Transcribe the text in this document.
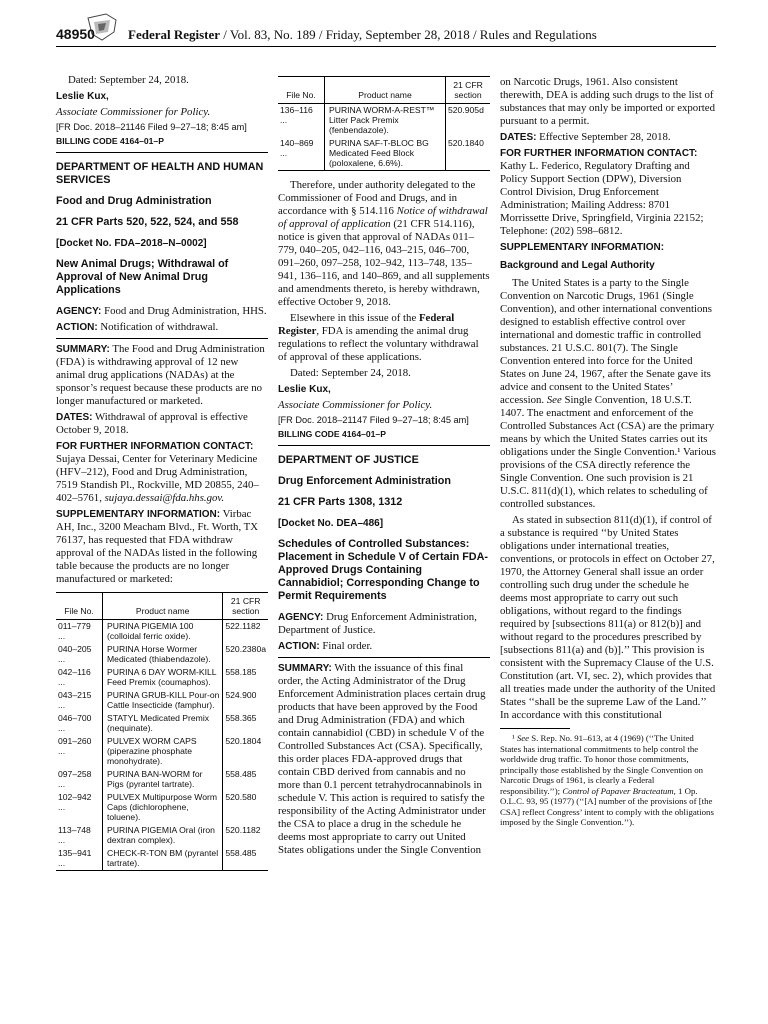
48950	Federal Register / Vol. 83, No. 189 / Friday, September 28, 2018 / Rules and Regulations

Dated: September 24, 2018.

Leslie Kux,

Associate Commissioner for Policy.

[FR Doc. 2018–21146 Filed 9–27–18; 8:45 am]

BILLING CODE 4164–01–P
DEPARTMENT OF HEALTH AND HUMAN SERVICES
Food and Drug Administration
21 CFR Parts 520, 522, 524, and 558
[Docket No. FDA–2018–N–0002]
New Animal Drugs; Withdrawal of Approval of New Animal Drug Applications

AGENCY: Food and Drug Administration, HHS.

ACTION: Notification of withdrawal.

SUMMARY: The Food and Drug Administration (FDA) is withdrawing approval of 12 new animal drug applications (NADAs) at the sponsor’s request because these products are no longer manufactured or marketed.

DATES: Withdrawal of approval is effective October 9, 2018.

FOR FURTHER INFORMATION CONTACT: Sujaya Dessai, Center for Veterinary Medicine (HFV–212), Food and Drug Administration, 7519 Standish Pl., Rockville, MD 20855, 240–402–5761, sujaya.dessai@fda.hhs.gov.

SUPPLEMENTARY INFORMATION: Virbac AH, Inc., 3200 Meacham Blvd., Ft. Worth, TX 76137, has requested that FDA withdraw approval of the NADAs listed in the following table because the products are no longer manufactured or marketed:

File No.	Product name	21 CFR section
011–779 ...	PURINA PIGEMIA 100 (colloidal ferric oxide).	522.1182
040–205 ...	PURINA Horse Wormer Medicated (thiabendazole).	520.2380a
042–116 ...	PURINA 6 DAY WORM-KILL Feed Premix (coumaphos).	558.185
043–215 ...	PURINA GRUB-KILL Pour-on Cattle Insecticide (famphur).	524.900
046–700 ...	STATYL Medicated Premix (nequinate).	558.365
091–260 ...	PULVEX WORM CAPS (piperazine phosphate monohydrate).	520.1804
097–258 ...	PURINA BAN-WORM for Pigs (pyrantel tartrate).	558.485
102–942 ...	PULVEX Multipurpose Worm Caps (dichlorophene, toluene).	520.580
113–748 ...	PURINA PIGEMIA Oral (iron dextran complex).	520.1182
135–941 ...	CHECK-R-TON BM (pyrantel tartrate).	558.485
File No.	Product name	21 CFR section
136–116 ...	PURINA WORM-A-REST™ Litter Pack Premix (fenbendazole).	520.905d
140–869 ...	PURINA SAF-T-BLOC BG Medicated Feed Block (poloxalene, 6.6%).	520.1840

Therefore, under authority delegated to the Commissioner of Food and Drugs, and in accordance with § 514.116 Notice of withdrawal of approval of application (21 CFR 514.116), notice is given that approval of NADAs 011–779, 040–205, 042–116, 043–215, 046–700, 091–260, 097–258, 102–942, 113–748, 135–941, 136–116, and 140–869, and all supplements and amendments thereto, is hereby withdrawn, effective October 9, 2018.

Elsewhere in this issue of the Federal Register, FDA is amending the animal drug regulations to reflect the voluntary withdrawal of approval of these applications.

Dated: September 24, 2018.

Leslie Kux,

Associate Commissioner for Policy.

[FR Doc. 2018–21147 Filed 9–27–18; 8:45 am]

BILLING CODE 4164–01–P
DEPARTMENT OF JUSTICE
Drug Enforcement Administration
21 CFR Parts 1308, 1312
[Docket No. DEA–486]
Schedules of Controlled Substances: Placement in Schedule V of Certain FDA-Approved Drugs Containing Cannabidiol; Corresponding Change to Permit Requirements

AGENCY: Drug Enforcement Administration, Department of Justice.

ACTION: Final order.

SUMMARY: With the issuance of this final order, the Acting Administrator of the Drug Enforcement Administration places certain drug products that have been approved by the Food and Drug Administration (FDA) and which contain cannabidiol (CBD) in schedule V of the Controlled Substances Act (CSA). Specifically, this order places FDA-approved drugs that contain CBD derived from cannabis and no more than 0.1 percent tetrahydrocannabinols in schedule V. This action is required to satisfy the responsibility of the Acting Administrator under the CSA to place a drug in the schedule he deems most appropriate to carry out United States obligations under the Single Convention

on Narcotic Drugs, 1961. Also consistent therewith, DEA is adding such drugs to the list of substances that may only be imported or exported pursuant to a permit.

DATES: Effective September 28, 2018.

FOR FURTHER INFORMATION CONTACT:
Kathy L. Federico, Regulatory Drafting and Policy Support Section (DPW), Diversion Control Division, Drug Enforcement Administration; Mailing Address: 8701 Morrissette Drive, Springfield, Virginia 22152; Telephone: (202) 598–6812.

SUPPLEMENTARY INFORMATION:

Background and Legal Authority

The United States is a party to the Single Convention on Narcotic Drugs, 1961 (Single Convention), and other international conventions designed to establish effective control over international and domestic traffic in controlled substances. 21 U.S.C. 801(7). The Single Convention entered into force for the United States on June 24, 1967, after the Senate gave its advice and consent to the United States’ accession. See Single Convention, 18 U.S.T. 1407. The enactment and enforcement of the Controlled Substances Act (CSA) are the primary means by which the United States carries out its obligations under the Single Convention.¹ Various provisions of the CSA directly reference the Single Convention. One such provision is 21 U.S.C. 811(d)(1), which relates to scheduling of controlled substances.

As stated in subsection 811(d)(1), if control of a substance is required ‘‘by United States obligations under international treaties, conventions, or protocols in effect on October 27, 1970, the Attorney General shall issue an order controlling such drug under the schedule he deems most appropriate to carry out such obligations, without regard to the findings required by [subsections 811(a) or 812(b)] and without regard to the procedures prescribed by [subsections 811(a) and (b)].’’ This provision is consistent with the Supremacy Clause of the U.S. Constitution (art. VI, sec. 2), which provides that all treaties made under the authority of the United States ‘‘shall be the supreme Law of the Land.’’ In accordance with this constitutional

¹ See S. Rep. No. 91–613, at 4 (1969) (‘‘The United States has international commitments to help control the worldwide drug traffic. To honor those commitments, principally those established by the Single Convention on Narcotic Drugs of 1961, is clearly a Federal responsibility.’’); Control of Papaver Bracteatum, 1 Op. O.L.C. 93, 95 (1977) (‘‘[A] number of the provisions of [the CSA] reflect Congress’ intent to comply with the obligations imposed by the Single Convention.’’).
